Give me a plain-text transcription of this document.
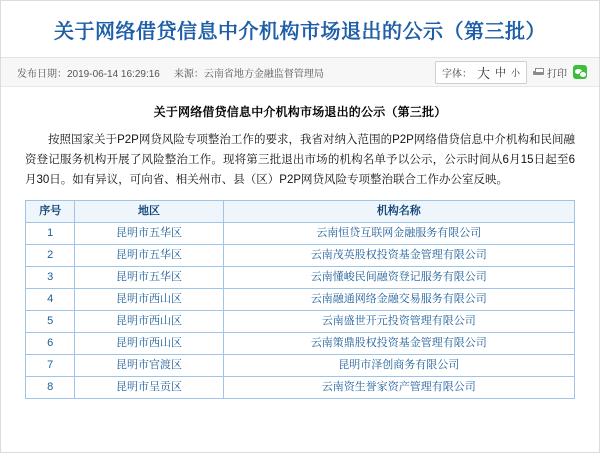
关于网络借贷信息中介机构市场退出的公示（第三批）
发布日期：2019-06-14 16:29:16 来源：云南省地方金融监督管理局	字体： 大 中 小	打印
关于网络借贷信息中介机构市场退出的公示（第三批）

按照国家关于P2P网贷风险专项整治工作的要求，我省对纳入范围的P2P网络借贷信息中介机构和民间融资登记服务机构开展了风险整治工作。现将第三批退出市场的机构名单予以公示，公示时间从6月15日起至6月30日。如有异议，可向省、相关州市、县（区）P2P网贷风险专项整治联合工作办公室反映。

序号	地区	机构名称
1	昆明市五华区	云南恒贷互联网金融服务有限公司
2	昆明市五华区	云南茂英股权投资基金管理有限公司
3	昆明市五华区	云南懂峻民间融资登记服务有限公司
4	昆明市西山区	云南融通网络金融交易服务有限公司
5	昆明市西山区	云南盛世开元投资管理有限公司
6	昆明市西山区	云南策鼎股权投资基金管理有限公司
7	昆明市官渡区	昆明市泽创商务有限公司
8	昆明市呈贡区	云南资生誉家资产管理有限公司
